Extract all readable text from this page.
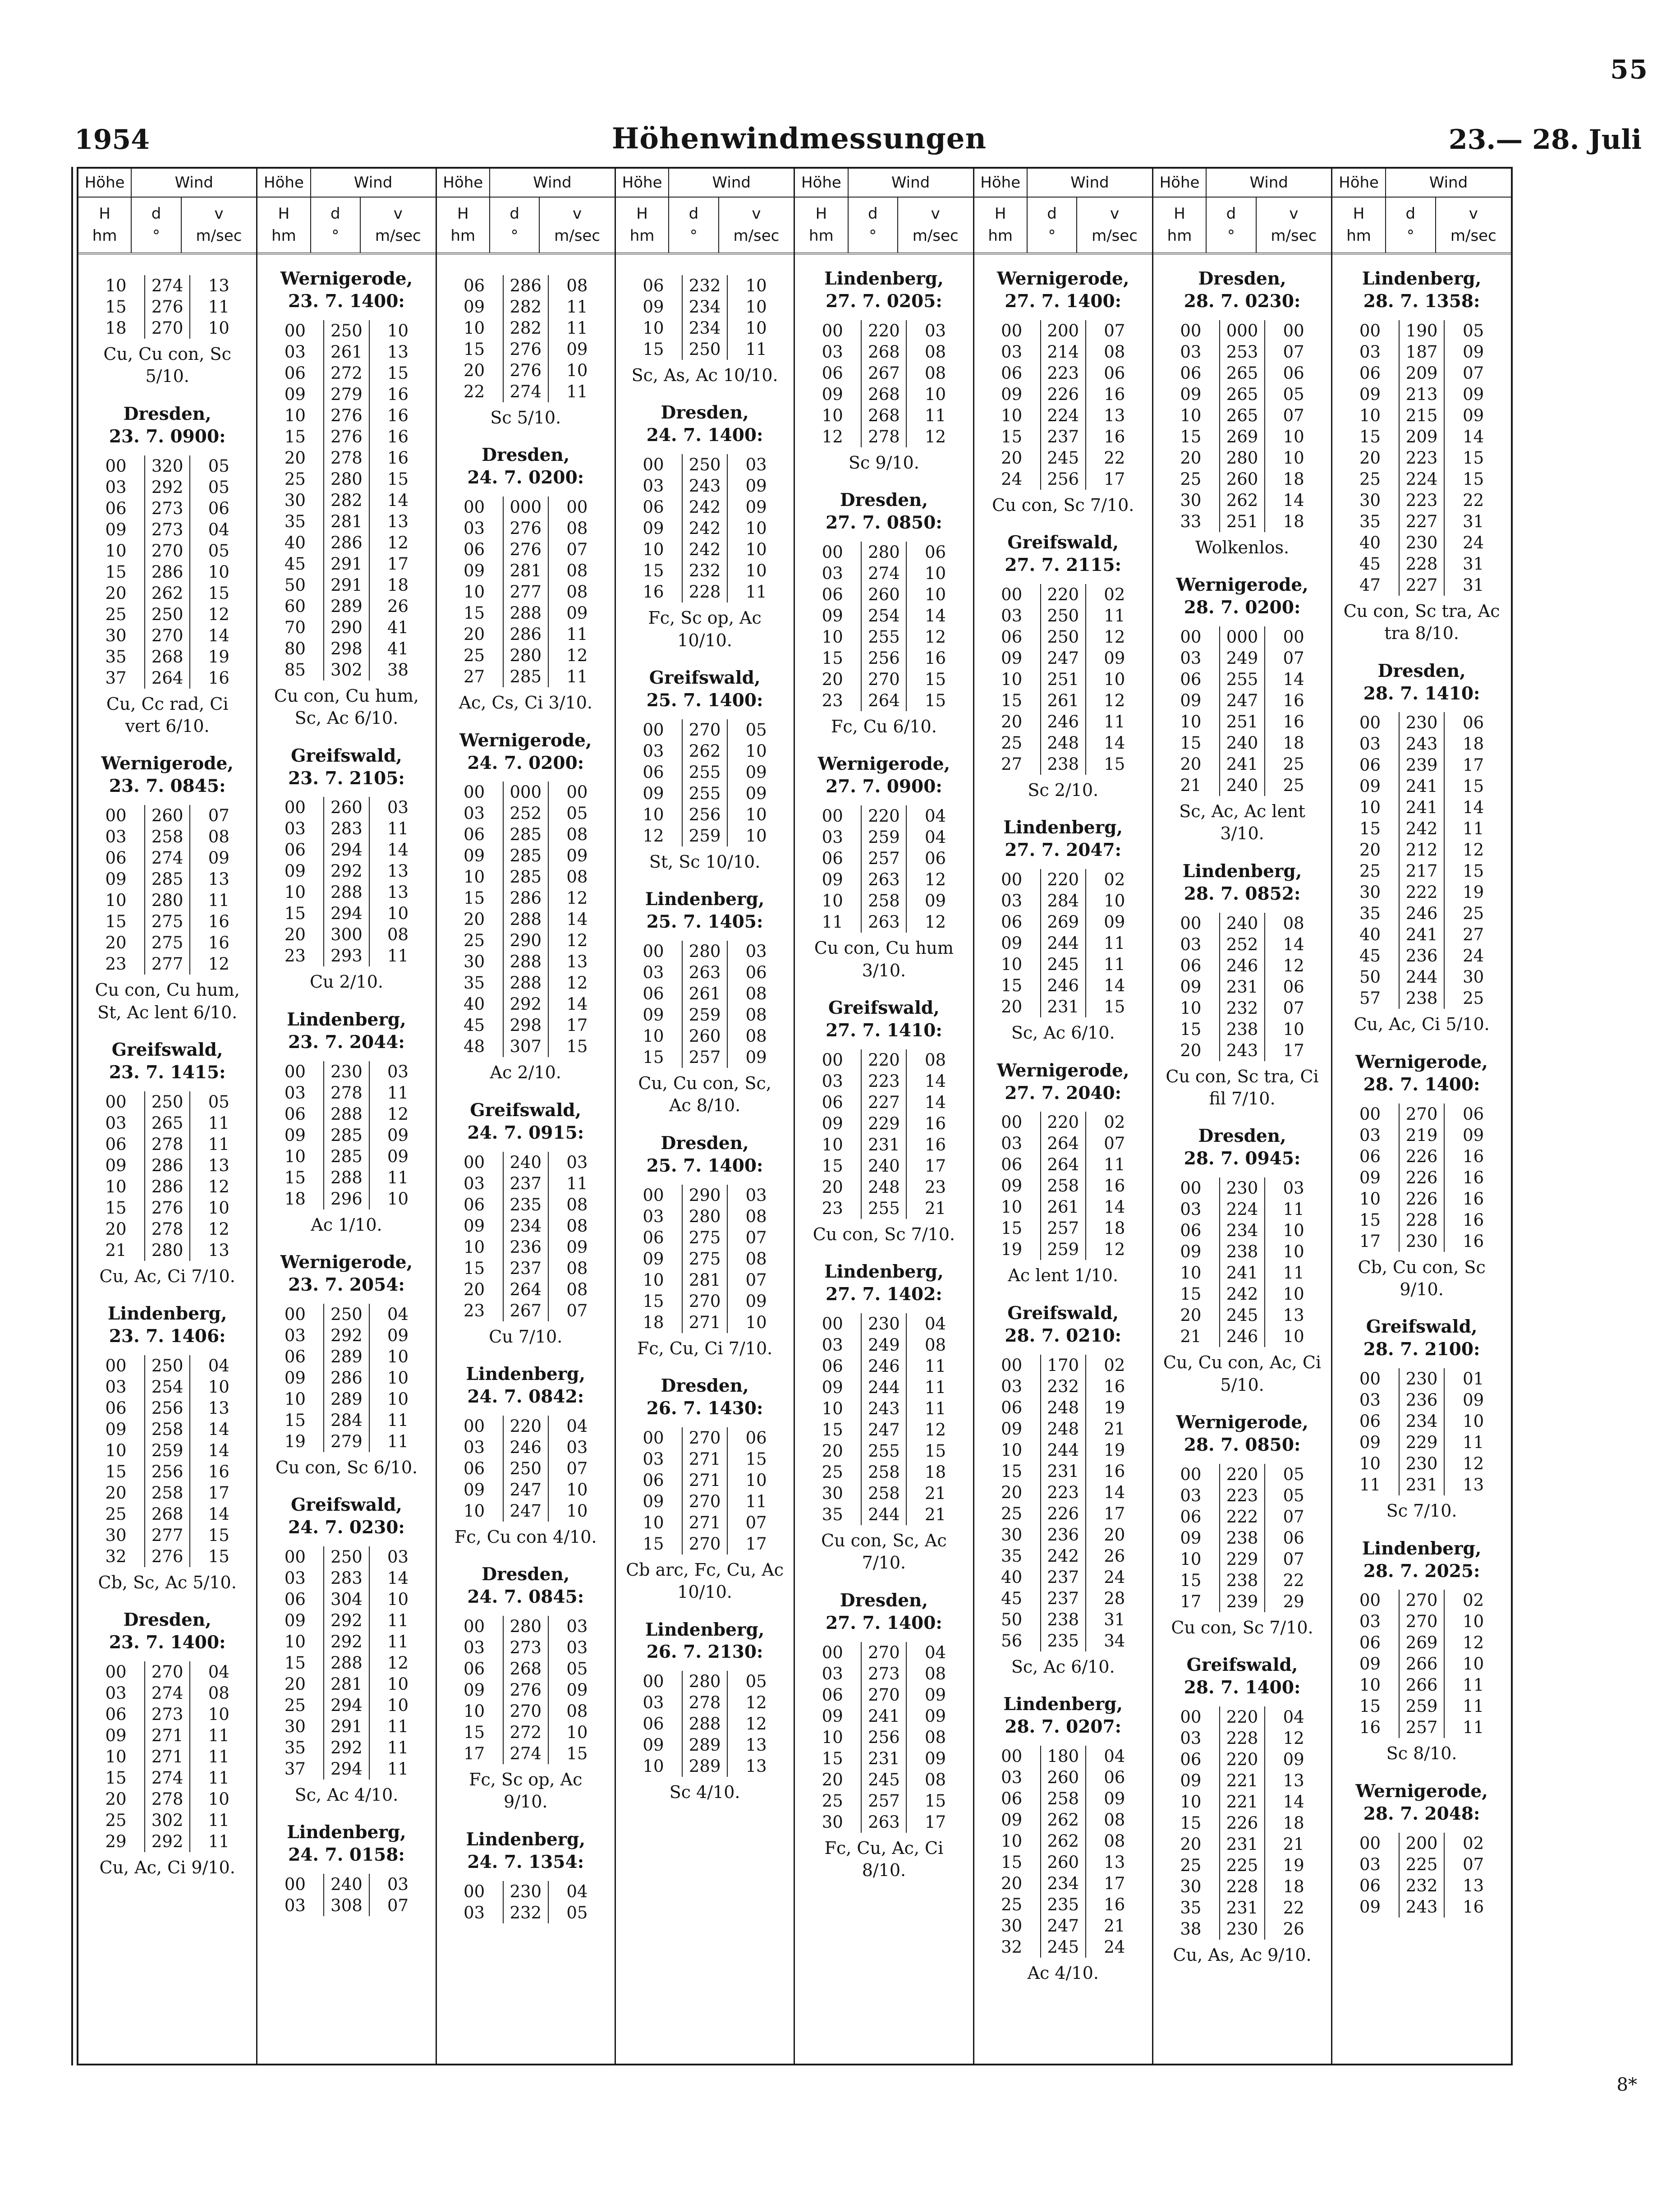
55
1954	Höhenwindmessungen	23.— 28. Juli
Höhe	Wind
H
hm
d
°
v
m/sec
10	274	13
15	276	11
18	270	10
Cu, Cu con, Sc 5/10.
Dresden,
23. 7. 0900:
00	320	05
03	292	05
06	273	06
09	273	04
10	270	05
15	286	10
20	262	15
25	250	12
30	270	14
35	268	19
37	264	16
Cu, Cc rad, Ci vert 6/10.
Wernigerode,
23. 7. 0845:
00	260	07
03	258	08
06	274	09
09	285	13
10	280	11
15	275	16
20	275	16
23	277	12
Cu con, Cu hum, St, Ac lent 6/10.
Greifswald,
23. 7. 1415:
00	250	05
03	265	11
06	278	11
09	286	13
10	286	12
15	276	10
20	278	12
21	280	13
Cu, Ac, Ci 7/10.
Lindenberg,
23. 7. 1406:
00	250	04
03	254	10
06	256	13
09	258	14
10	259	14
15	256	16
20	258	17
25	268	14
30	277	15
32	276	15
Cb, Sc, Ac 5/10.
Dresden,
23. 7. 1400:
00	270	04
03	274	08
06	273	10
09	271	11
10	271	11
15	274	11
20	278	10
25	302	11
29	292	11
Cu, Ac, Ci 9/10.
Höhe	Wind
H
hm
d
°
v
m/sec
Wernigerode,
23. 7. 1400:
00	250	10
03	261	13
06	272	15
09	279	16
10	276	16
15	276	16
20	278	16
25	280	15
30	282	14
35	281	13
40	286	12
45	291	17
50	291	18
60	289	26
70	290	41
80	298	41
85	302	38
Cu con, Cu hum, Sc, Ac 6/10.
Greifswald,
23. 7. 2105:
00	260	03
03	283	11
06	294	14
09	292	13
10	288	13
15	294	10
20	300	08
23	293	11
Cu 2/10.
Lindenberg,
23. 7. 2044:
00	230	03
03	278	11
06	288	12
09	285	09
10	285	09
15	288	11
18	296	10
Ac 1/10.
Wernigerode,
23. 7. 2054:
00	250	04
03	292	09
06	289	10
09	286	10
10	289	10
15	284	11
19	279	11
Cu con, Sc 6/10.
Greifswald,
24. 7. 0230:
00	250	03
03	283	14
06	304	10
09	292	11
10	292	11
15	288	12
20	281	10
25	294	10
30	291	11
35	292	11
37	294	11
Sc, Ac 4/10.
Lindenberg,
24. 7. 0158:
00	240	03
03	308	07
Höhe	Wind
H
hm
d
°
v
m/sec
06	286	08
09	282	11
10	282	11
15	276	09
20	276	10
22	274	11
Sc 5/10.
Dresden,
24. 7. 0200:
00	000	00
03	276	08
06	276	07
09	281	08
10	277	08
15	288	09
20	286	11
25	280	12
27	285	11
Ac, Cs, Ci 3/10.
Wernigerode,
24. 7. 0200:
00	000	00
03	252	05
06	285	08
09	285	09
10	285	08
15	286	12
20	288	14
25	290	12
30	288	13
35	288	12
40	292	14
45	298	17
48	307	15
Ac 2/10.
Greifswald,
24. 7. 0915:
00	240	03
03	237	11
06	235	08
09	234	08
10	236	09
15	237	08
20	264	08
23	267	07
Cu 7/10.
Lindenberg,
24. 7. 0842:
00	220	04
03	246	03
06	250	07
09	247	10
10	247	10
Fc, Cu con 4/10.
Dresden,
24. 7. 0845:
00	280	03
03	273	03
06	268	05
09	276	09
10	270	08
15	272	10
17	274	15
Fc, Sc op, Ac 9/10.
Lindenberg,
24. 7. 1354:
00	230	04
03	232	05
Höhe	Wind
H
hm
d
°
v
m/sec
06	232	10
09	234	10
10	234	10
15	250	11
Sc, As, Ac 10/10.
Dresden,
24. 7. 1400:
00	250	03
03	243	09
06	242	09
09	242	10
10	242	10
15	232	10
16	228	11
Fc, Sc op, Ac 10/10.
Greifswald,
25. 7. 1400:
00	270	05
03	262	10
06	255	09
09	255	09
10	256	10
12	259	10
St, Sc 10/10.
Lindenberg,
25. 7. 1405:
00	280	03
03	263	06
06	261	08
09	259	08
10	260	08
15	257	09
Cu, Cu con, Sc, Ac 8/10.
Dresden,
25. 7. 1400:
00	290	03
03	280	08
06	275	07
09	275	08
10	281	07
15	270	09
18	271	10
Fc, Cu, Ci 7/10.
Dresden,
26. 7. 1430:
00	270	06
03	271	15
06	271	10
09	270	11
10	271	07
15	270	17
Cb arc, Fc, Cu, Ac 10/10.
Lindenberg,
26. 7. 2130:
00	280	05
03	278	12
06	288	12
09	289	13
10	289	13
Sc 4/10.
Höhe	Wind
H
hm
d
°
v
m/sec
Lindenberg,
27. 7. 0205:
00	220	03
03	268	08
06	267	08
09	268	10
10	268	11
12	278	12
Sc 9/10.
Dresden,
27. 7. 0850:
00	280	06
03	274	10
06	260	10
09	254	14
10	255	12
15	256	16
20	270	15
23	264	15
Fc, Cu 6/10.
Wernigerode,
27. 7. 0900:
00	220	04
03	259	04
06	257	06
09	263	12
10	258	09
11	263	12
Cu con, Cu hum 3/10.
Greifswald,
27. 7. 1410:
00	220	08
03	223	14
06	227	14
09	229	16
10	231	16
15	240	17
20	248	23
23	255	21
Cu con, Sc 7/10.
Lindenberg,
27. 7. 1402:
00	230	04
03	249	08
06	246	11
09	244	11
10	243	11
15	247	12
20	255	15
25	258	18
30	258	21
35	244	21
Cu con, Sc, Ac 7/10.
Dresden,
27. 7. 1400:
00	270	04
03	273	08
06	270	09
09	241	09
10	256	08
15	231	09
20	245	08
25	257	15
30	263	17
Fc, Cu, Ac, Ci 8/10.
Höhe	Wind
H
hm
d
°
v
m/sec
Wernigerode,
27. 7. 1400:
00	200	07
03	214	08
06	223	06
09	226	16
10	224	13
15	237	16
20	245	22
24	256	17
Cu con, Sc 7/10.
Greifswald,
27. 7. 2115:
00	220	02
03	250	11
06	250	12
09	247	09
10	251	10
15	261	12
20	246	11
25	248	14
27	238	15
Sc 2/10.
Lindenberg,
27. 7. 2047:
00	220	02
03	284	10
06	269	09
09	244	11
10	245	11
15	246	14
20	231	15
Sc, Ac 6/10.
Wernigerode,
27. 7. 2040:
00	220	02
03	264	07
06	264	11
09	258	16
10	261	14
15	257	18
19	259	12
Ac lent 1/10.
Greifswald,
28. 7. 0210:
00	170	02
03	232	16
06	248	19
09	248	21
10	244	19
15	231	16
20	223	14
25	226	17
30	236	20
35	242	26
40	237	24
45	237	28
50	238	31
56	235	34
Sc, Ac 6/10.
Lindenberg,
28. 7. 0207:
00	180	04
03	260	06
06	258	09
09	262	08
10	262	08
15	260	13
20	234	17
25	235	16
30	247	21
32	245	24
Ac 4/10.
Höhe	Wind
H
hm
d
°
v
m/sec
Dresden,
28. 7. 0230:
00	000	00
03	253	07
06	265	06
09	265	05
10	265	07
15	269	10
20	280	10
25	260	18
30	262	14
33	251	18
Wolkenlos.
Wernigerode,
28. 7. 0200:
00	000	00
03	249	07
06	255	14
09	247	16
10	251	16
15	240	18
20	241	25
21	240	25
Sc, Ac, Ac lent 3/10.
Lindenberg,
28. 7. 0852:
00	240	08
03	252	14
06	246	12
09	231	06
10	232	07
15	238	10
20	243	17
Cu con, Sc tra, Ci fil 7/10.
Dresden,
28. 7. 0945:
00	230	03
03	224	11
06	234	10
09	238	10
10	241	11
15	242	10
20	245	13
21	246	10
Cu, Cu con, Ac, Ci 5/10.
Wernigerode,
28. 7. 0850:
00	220	05
03	223	05
06	222	07
09	238	06
10	229	07
15	238	22
17	239	29
Cu con, Sc 7/10.
Greifswald,
28. 7. 1400:
00	220	04
03	228	12
06	220	09
09	221	13
10	221	14
15	226	18
20	231	21
25	225	19
30	228	18
35	231	22
38	230	26
Cu, As, Ac 9/10.
Höhe	Wind
H
hm
d
°
v
m/sec
Lindenberg,
28. 7. 1358:
00	190	05
03	187	09
06	209	07
09	213	09
10	215	09
15	209	14
20	223	15
25	224	15
30	223	22
35	227	31
40	230	24
45	228	31
47	227	31
Cu con, Sc tra, Ac tra 8/10.
Dresden,
28. 7. 1410:
00	230	06
03	243	18
06	239	17
09	241	15
10	241	14
15	242	11
20	212	12
25	217	15
30	222	19
35	246	25
40	241	27
45	236	24
50	244	30
57	238	25
Cu, Ac, Ci 5/10.
Wernigerode,
28. 7. 1400:
00	270	06
03	219	09
06	226	16
09	226	16
10	226	16
15	228	16
17	230	16
Cb, Cu con, Sc 9/10.
Greifswald,
28. 7. 2100:
00	230	01
03	236	09
06	234	10
09	229	11
10	230	12
11	231	13
Sc 7/10.
Lindenberg,
28. 7. 2025:
00	270	02
03	270	10
06	269	12
09	266	10
10	266	11
15	259	11
16	257	11
Sc 8/10.
Wernigerode,
28. 7. 2048:
00	200	02
03	225	07
06	232	13
09	243	16
8*
